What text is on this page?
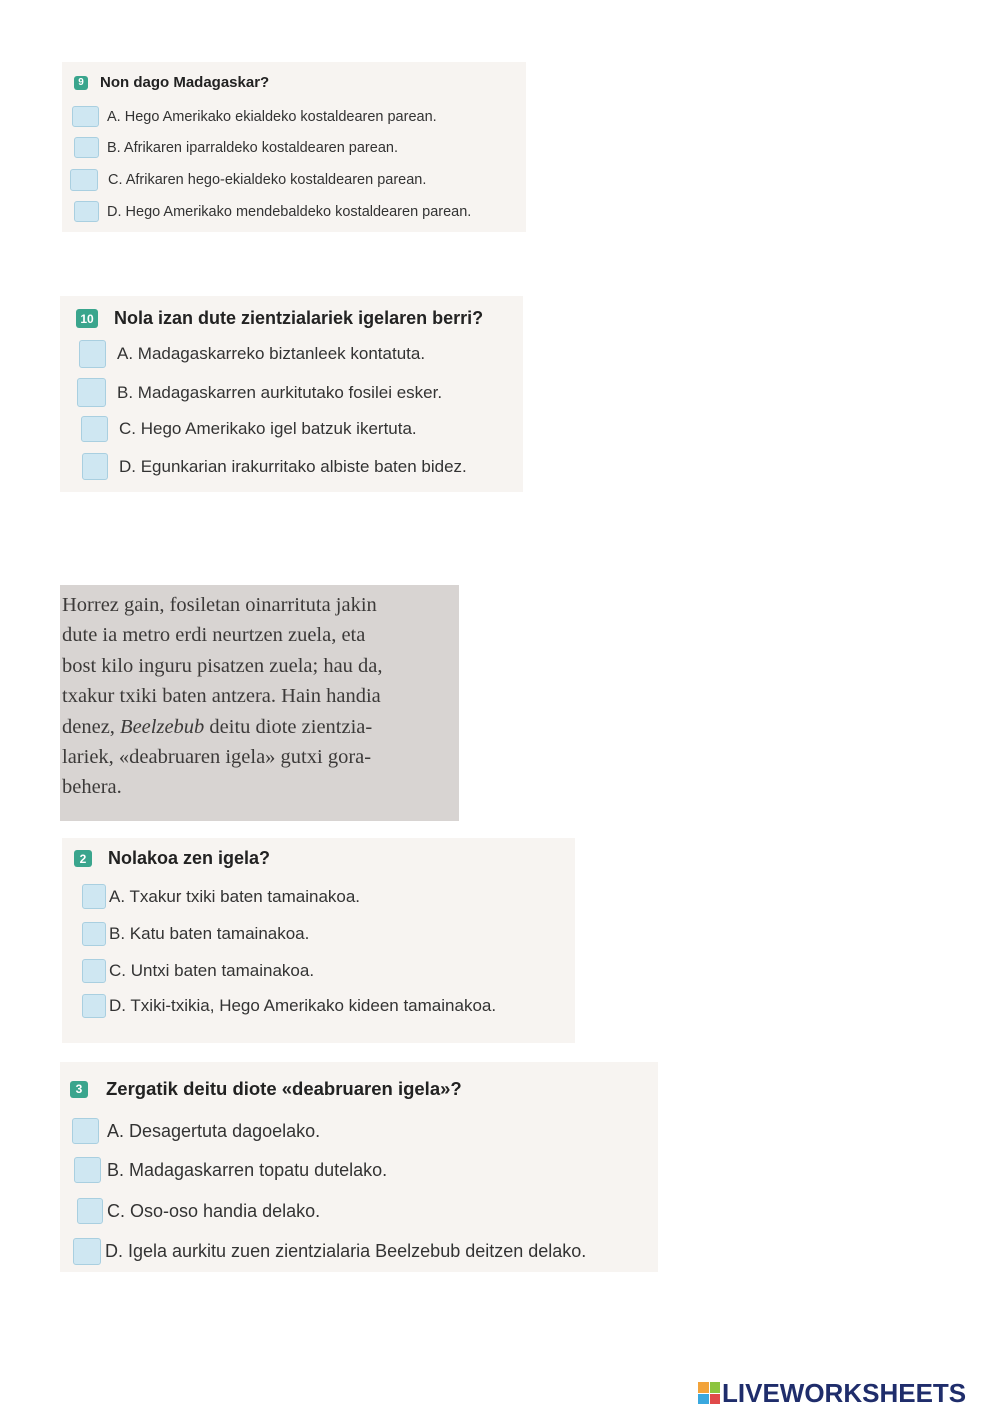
9 Non dago Madagaskar?
A. Hego Amerikako ekialdeko kostaldearen parean.
B. Afrikaren iparraldeko kostaldearen parean.
C. Afrikaren hego-ekialdeko kostaldearen parean.
D. Hego Amerikako mendebaldeko kostaldearen parean.
10 Nola izan dute zientzialariek igelaren berri?
A. Madagaskarreko biztanleek kontatuta.
B. Madagaskarren aurkitutako fosilei esker.
C. Hego Amerikako igel batzuk ikertuta.
D. Egunkarian irakurritako albiste baten bidez.
Horrez gain, fosiletan oinarrituta jakin
dute ia metro erdi neurtzen zuela, eta
bost kilo inguru pisatzen zuela; hau da,
txakur txiki baten antzera. Hain handia
denez, Beelzebub deitu diote zientzia-
lariek, «deabruaren igela» gutxi gora-
behera.
2	Nolakoa zen igela?
A. Txakur txiki baten tamainakoa.
B. Katu baten tamainakoa.
C. Untxi baten tamainakoa.
D. Txiki-txikia, Hego Amerikako kideen tamainakoa.
3	Zergatik deitu diote «deabruaren igela»?
A. Desagertuta dagoelako.
B. Madagaskarren topatu dutelako.
C. Oso-oso handia delako.
D. Igela aurkitu zuen zientzialaria Beelzebub deitzen delako.
LIVEWORKSHEETS
